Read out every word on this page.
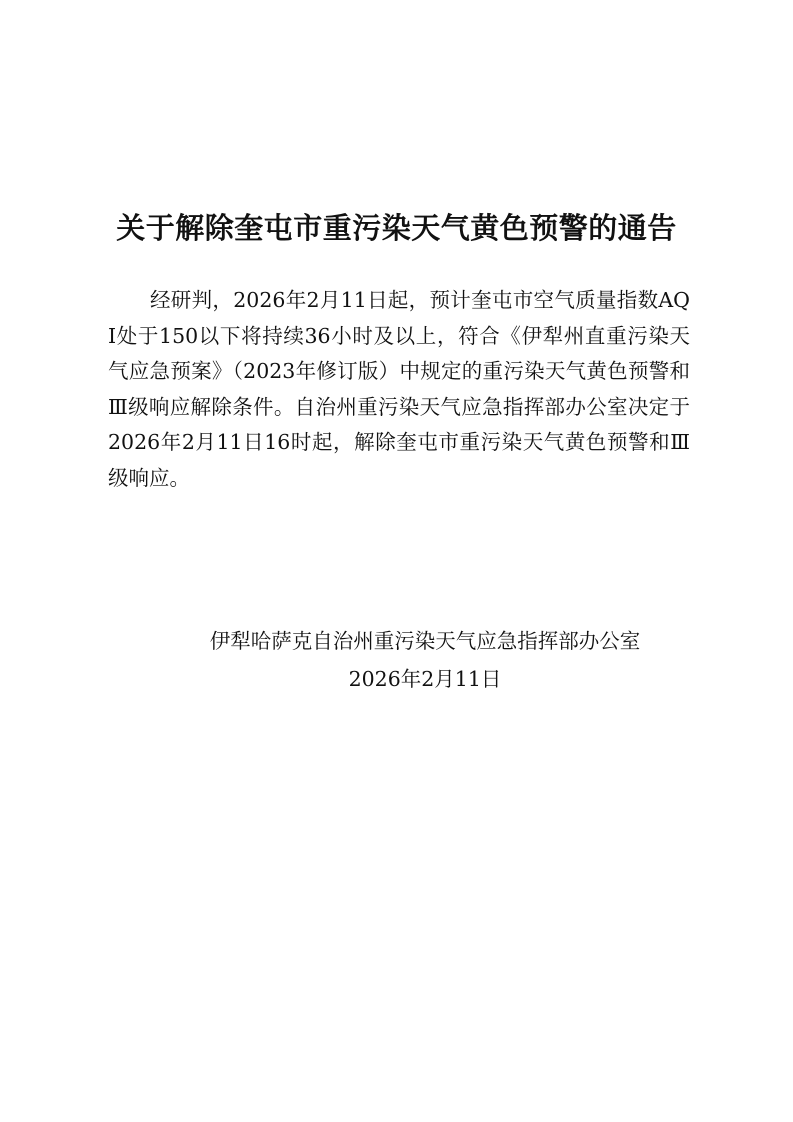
关于解除奎屯市重污染天气黄色预警的通告

经研判，2026年2月11日起，预计奎屯市空气质量指数AQI处于150以下将持续36小时及以上，符合《伊犁州直重污染天气应急预案》（2023年修订版）中规定的重污染天气黄色预警和Ⅲ级响应解除条件。自治州重污染天气应急指挥部办公室决定于2026年2月11日16时起，解除奎屯市重污染天气黄色预警和Ⅲ级响应。

伊犁哈萨克自治州重污染天气应急指挥部办公室
2026年2月11日
